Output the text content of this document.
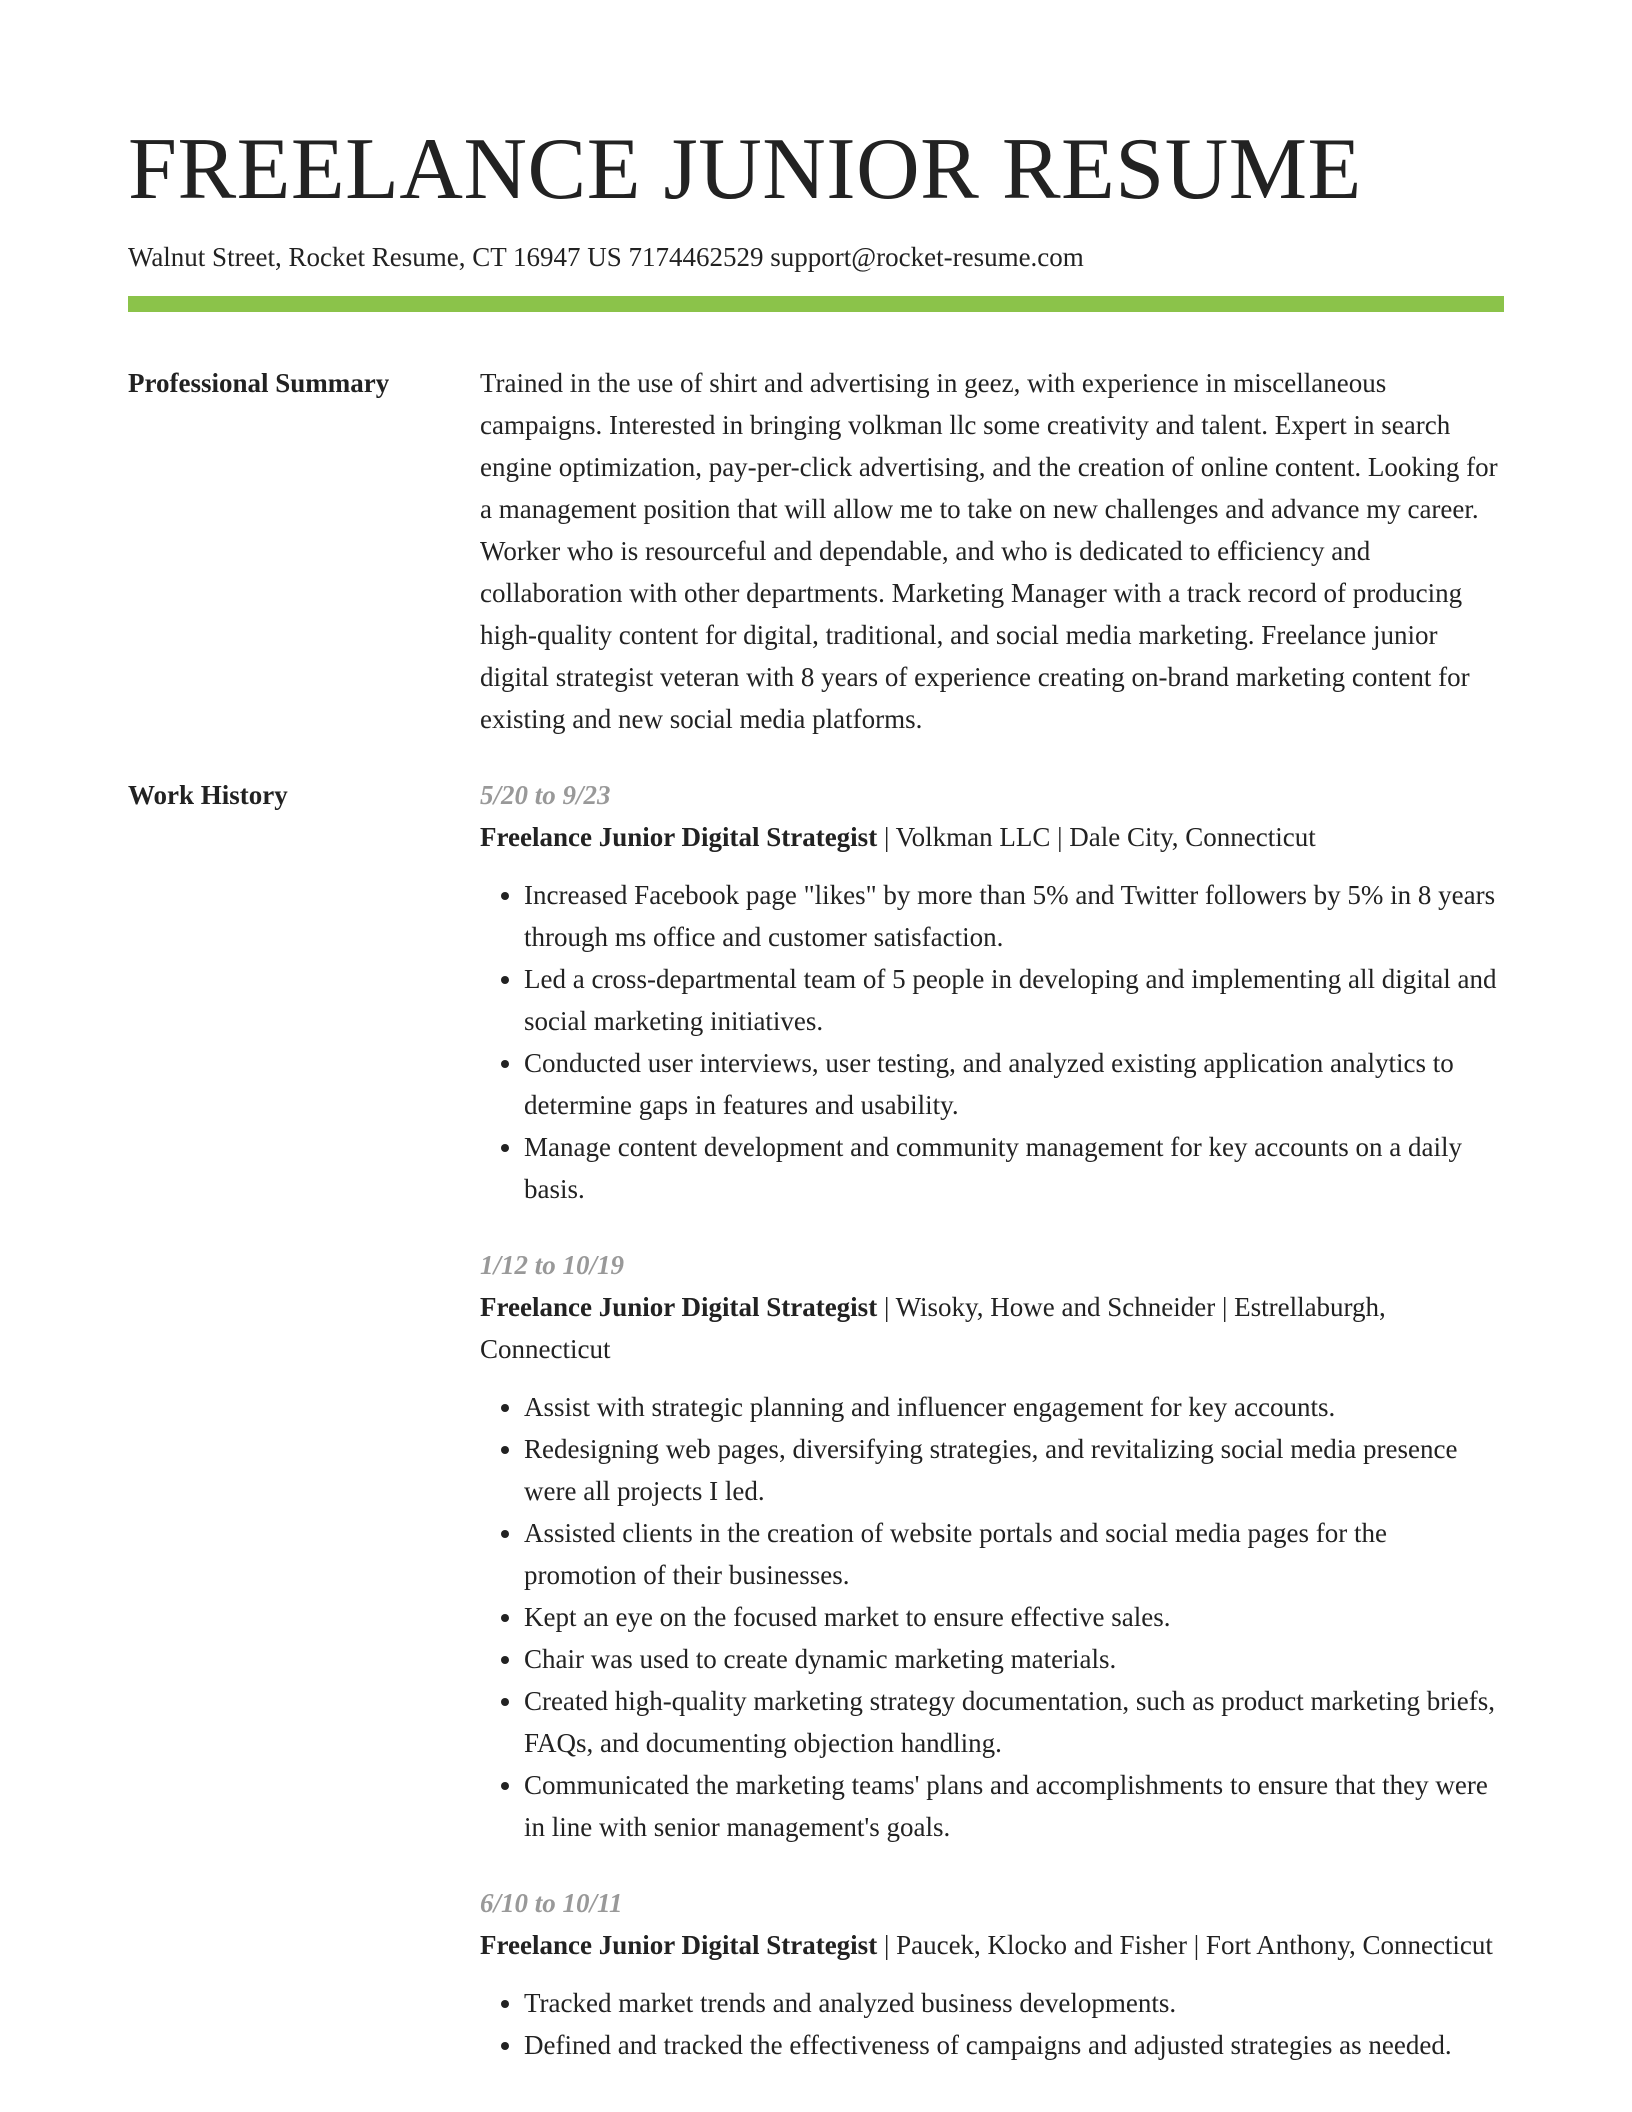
FREELANCE JUNIOR RESUME
Walnut Street, Rocket Resume, CT 16947 US 7174462529 support@rocket-resume.com
Professional Summary	Trained in the use of shirt and advertising in geez, with experience in miscellaneous campaigns. Interested in bringing volkman llc some creativity and talent. Expert in search engine optimization, pay-per-click advertising, and the creation of online content. Looking for a management position that will allow me to take on new challenges and advance my career. Worker who is resourceful and dependable, and who is dedicated to efficiency and collaboration with other departments. Marketing Manager with a track record of producing high-quality content for digital, traditional, and social media marketing. Freelance junior digital strategist veteran with 8 years of experience creating on-brand marketing content for existing and new social media platforms.
Work History	5/20 to 9/23
Freelance Junior Digital Strategist | Volkman LLC | Dale City, Connecticut
• Increased Facebook page "likes" by more than 5% and Twitter followers by 5% in 8 years through ms office and customer satisfaction.
• Led a cross-departmental team of 5 people in developing and implementing all digital and social marketing initiatives.
• Conducted user interviews, user testing, and analyzed existing application analytics to determine gaps in features and usability.
• Manage content development and community management for key accounts on a daily basis.
1/12 to 10/19
Freelance Junior Digital Strategist | Wisoky, Howe and Schneider | Estrellaburgh, Connecticut
• Assist with strategic planning and influencer engagement for key accounts.
• Redesigning web pages, diversifying strategies, and revitalizing social media presence were all projects I led.
• Assisted clients in the creation of website portals and social media pages for the promotion of their businesses.
• Kept an eye on the focused market to ensure effective sales.
• Chair was used to create dynamic marketing materials.
• Created high-quality marketing strategy documentation, such as product marketing briefs, FAQs, and documenting objection handling.
• Communicated the marketing teams' plans and accomplishments to ensure that they were in line with senior management's goals.
6/10 to 10/11
Freelance Junior Digital Strategist | Paucek, Klocko and Fisher | Fort Anthony, Connecticut
• Tracked market trends and analyzed business developments.
• Defined and tracked the effectiveness of campaigns and adjusted strategies as needed.
